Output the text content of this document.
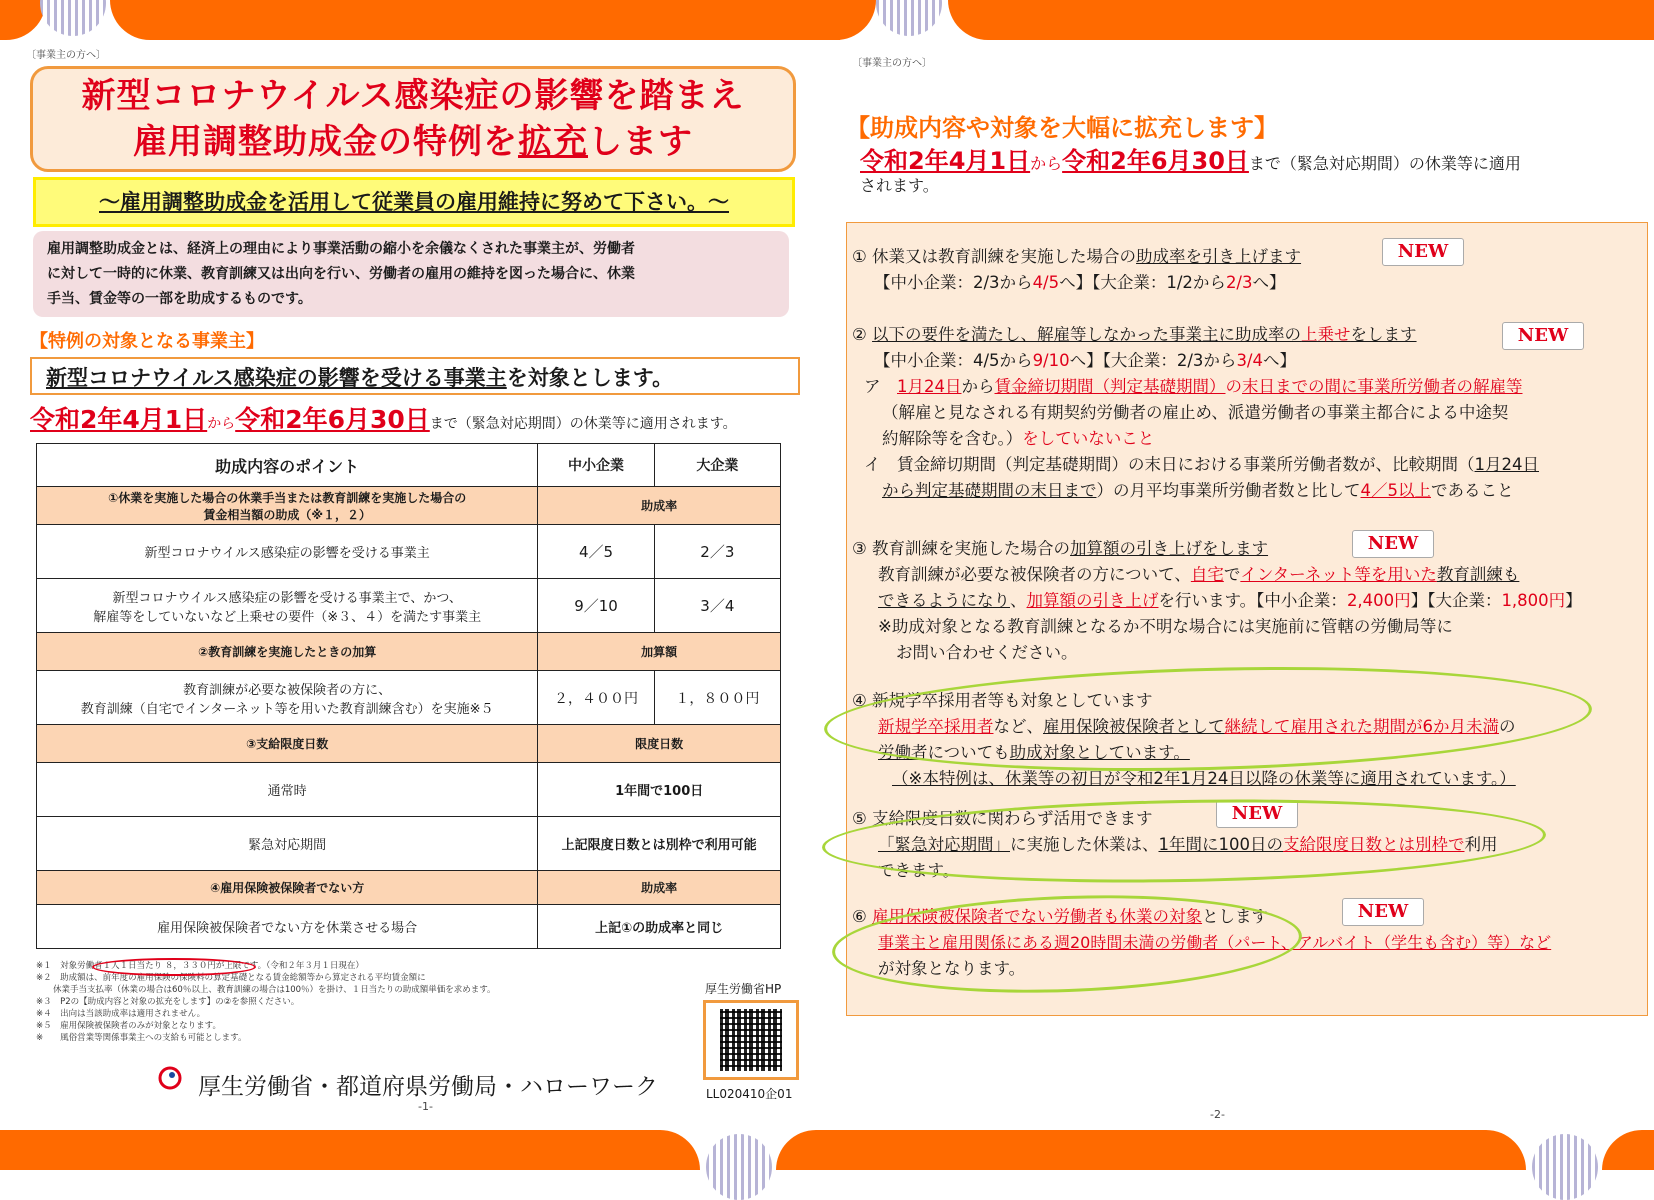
〔事業主の方へ〕
新型コロナウイルス感染症の影響を踏まえ
雇用調整助成金の特例を拡充します
～雇用調整助成金を活用して従業員の雇用維持に努めて下さい。～
雇用調整助成金とは、経済上の理由により事業活動の縮小を余儀なくされた事業主が、労働者
に対して一時的に休業、教育訓練又は出向を行い、労働者の雇用の維持を図った場合に、休業
手当、賃金等の一部を助成するものです。
【特例の対象となる事業主】
新型コロナウイルス感染症の影響を受ける事業主を対象とします。
令和2年4月1日から令和2年6月30日まで（緊急対応期間）の休業等に適用されます。
助成内容のポイント	中小企業	大企業
①休業を実施した場合の休業手当または教育訓練を実施した場合の
賃金相当額の助成（※１，２）	助成率	
新型コロナウイルス感染症の影響を受ける事業主	4／5	2／3
新型コロナウイルス感染症の影響を受ける事業主で、かつ、
解雇等をしていないなど上乗せの要件（※３、４）を満たす事業主	9／10	3／4
②教育訓練を実施したときの加算	加算額	
教育訓練が必要な被保険者の方に、
教育訓練（自宅でインターネット等を用いた教育訓練含む）を実施※５	２，４００円	１，８００円
③支給限度日数	限度日数	
通常時	1年間で100日	
緊急対応期間	上記限度日数とは別枠で利用可能	
④雇用保険被保険者でない方	助成率	
雇用保険被保険者でない方を休業させる場合	上記①の助成率と同じ	
※１　対象労働者１人１日当たり ８，３３０円が上限です。（令和２年３月１日現在）
※２　助成額は、前年度の雇用保険の保険料の算定基礎となる賃金総額等から算定される平均賃金額に
　　休業手当支払率（休業の場合は60％以上、教育訓練の場合は100％）を掛け、１日当たりの助成額単価を求めます。
※３　P2の【助成内容と対象の拡充をします】の②を参照ください。
※４　出向は当該助成率は適用されません。
※５　雇用保険被保険者のみが対象となります。
※　　風俗営業等関係事業主への支給も可能とします。
厚生労働省HP
LL020410企01
厚生労働省・都道府県労働局・ハローワーク
-1-
〔事業主の方へ〕
【助成内容や対象を大幅に拡充します】
令和2年4月1日から令和2年6月30日まで（緊急対応期間）の休業等に適用
されます。
① 休業又は教育訓練を実施した場合の助成率を引き上げます
【中小企業：2/3から4/5へ】【大企業：1/2から2/3へ】
NEW
② 以下の要件を満たし、解雇等しなかった事業主に助成率の上乗せをします
【中小企業：4/5から9/10へ】【大企業：2/3から3/4へ】
ア　 1月24日から賃金締切期間（判定基礎期間）の末日までの間に事業所労働者の解雇等
（解雇と見なされる有期契約労働者の雇止め、派遣労働者の事業主都合による中途契
約解除等を含む。）をしていないこと
イ　 賃金締切期間（判定基礎期間）の末日における事業所労働者数が、比較期間（1月24日
から判定基礎期間の末日まで）の月平均事業所労働者数と比して4／5以上であること
NEW
③ 教育訓練を実施した場合の加算額の引き上げをします
教育訓練が必要な被保険者の方について、自宅でインターネット等を用いた教育訓練も
できるようになり、加算額の引き上げを行います。【中小企業：2,400円】【大企業：1,800円】
※助成対象となる教育訓練となるか不明な場合には実施前に管轄の労働局等に
お問い合わせください。
NEW
④ 新規学卒採用者等も対象としています
新規学卒採用者など、雇用保険被保険者として継続して雇用された期間が6か月未満の
労働者についても助成対象としています。
（※本特例は、休業等の初日が令和2年1月24日以降の休業等に適用されています。）
⑤ 支給限度日数に関わらず活用できます
「緊急対応期間」に実施した休業は、1年間に100日の支給限度日数とは別枠で利用
できます。
NEW
⑥ 雇用保険被保険者でない労働者も休業の対象とします
事業主と雇用関係にある週20時間未満の労働者（パート、アルバイト（学生も含む）等）など
が対象となります。
NEW
-2-
